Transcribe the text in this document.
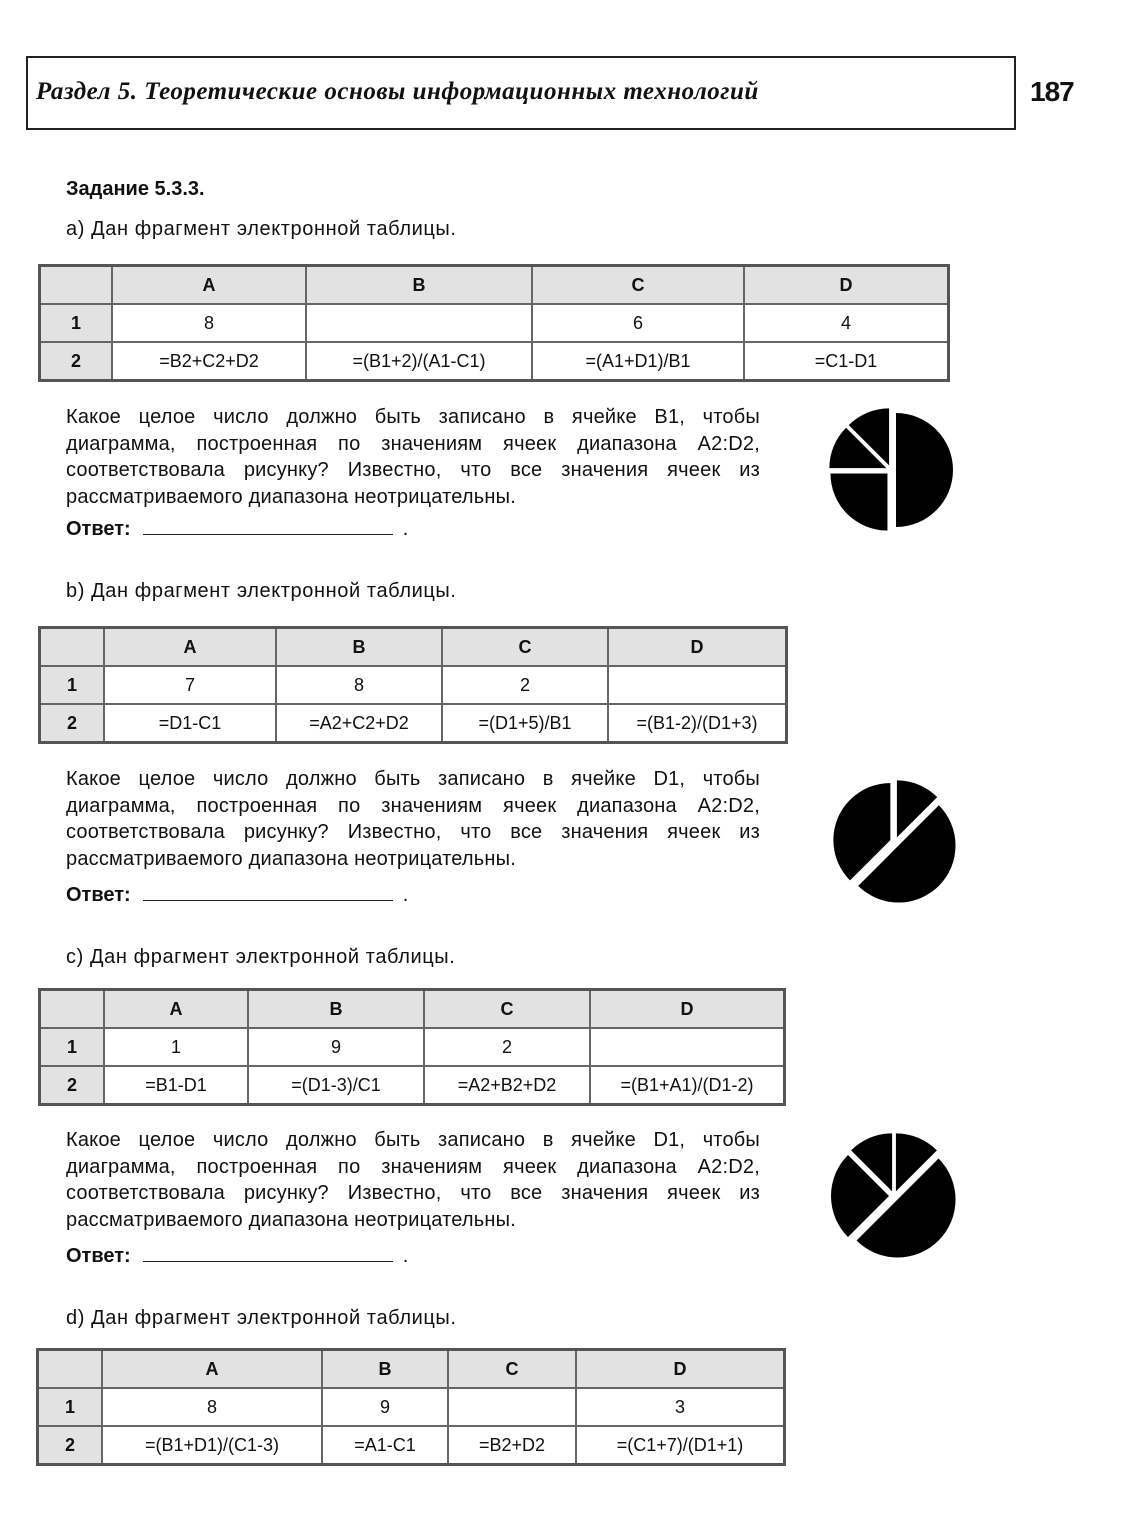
Раздел 5. Теоретические основы информационных технологий	187
Задание 5.3.3.
a) Дан фрагмент электронной таблицы.
	A	B	C	D
1	8		6	4
2	=B2+C2+D2	=(B1+2)/(A1-C1)	=(A1+D1)/B1	=C1-D1
Какое целое число должно быть записано в ячейке B1, чтобы диаграмма, построенная по значениям ячеек диапазона A2:D2, соответствовала рисунку? Известно, что все значения ячеек из рассматриваемого диапазона неотрицательны.
Ответ:	.
b) Дан фрагмент электронной таблицы.
	A	B	C	D
1	7	8	2	
2	=D1-C1	=A2+C2+D2	=(D1+5)/B1	=(B1-2)/(D1+3)
Какое целое число должно быть записано в ячейке D1, чтобы диаграмма, построенная по значениям ячеек диапазона A2:D2, соответствовала рисунку? Известно, что все значения ячеек из рассматриваемого диапазона неотрицательны.
Ответ:	.
c) Дан фрагмент электронной таблицы.
	A	B	C	D
1	1	9	2	
2	=B1-D1	=(D1-3)/C1	=A2+B2+D2	=(B1+A1)/(D1-2)
Какое целое число должно быть записано в ячейке D1, чтобы диаграмма, построенная по значениям ячеек диапазона A2:D2, соответствовала рисунку? Известно, что все значения ячеек из рассматриваемого диапазона неотрицательны.
Ответ:	.
d) Дан фрагмент электронной таблицы.
	A	B	C	D
1	8	9		3
2	=(B1+D1)/(C1-3)	=A1-C1	=B2+D2	=(C1+7)/(D1+1)
